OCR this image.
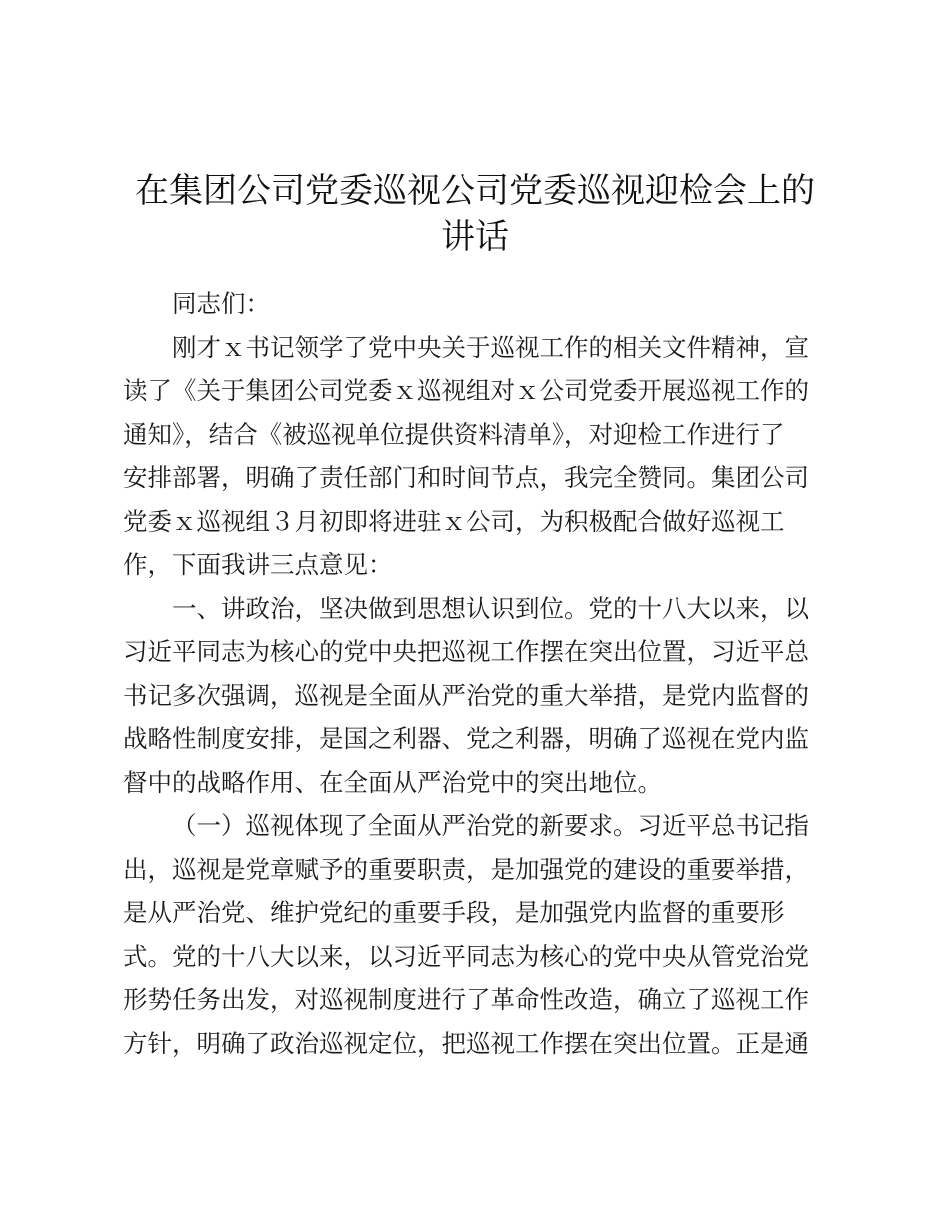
在集团公司党委巡视公司党委巡视迎检会上的
讲话
同志们：
刚才ｘ书记领学了党中央关于巡视工作的相关文件精神，宣
读了《关于集团公司党委ｘ巡视组对ｘ公司党委开展巡视工作的
通知》，结合《被巡视单位提供资料清单》，对迎检工作进行了
安排部署，明确了责任部门和时间节点，我完全赞同。集团公司
党委ｘ巡视组３月初即将进驻ｘ公司，为积极配合做好巡视工
作，下面我讲三点意见：
一、讲政治，坚决做到思想认识到位。党的十八大以来，以
习近平同志为核心的党中央把巡视工作摆在突出位置，习近平总
书记多次强调，巡视是全面从严治党的重大举措，是党内监督的
战略性制度安排，是国之利器、党之利器，明确了巡视在党内监
督中的战略作用、在全面从严治党中的突出地位。
（一）巡视体现了全面从严治党的新要求。习近平总书记指
出，巡视是党章赋予的重要职责，是加强党的建设的重要举措，
是从严治党、维护党纪的重要手段，是加强党内监督的重要形
式。党的十八大以来，以习近平同志为核心的党中央从管党治党
形势任务出发，对巡视制度进行了革命性改造，确立了巡视工作
方针，明确了政治巡视定位，把巡视工作摆在突出位置。正是通
